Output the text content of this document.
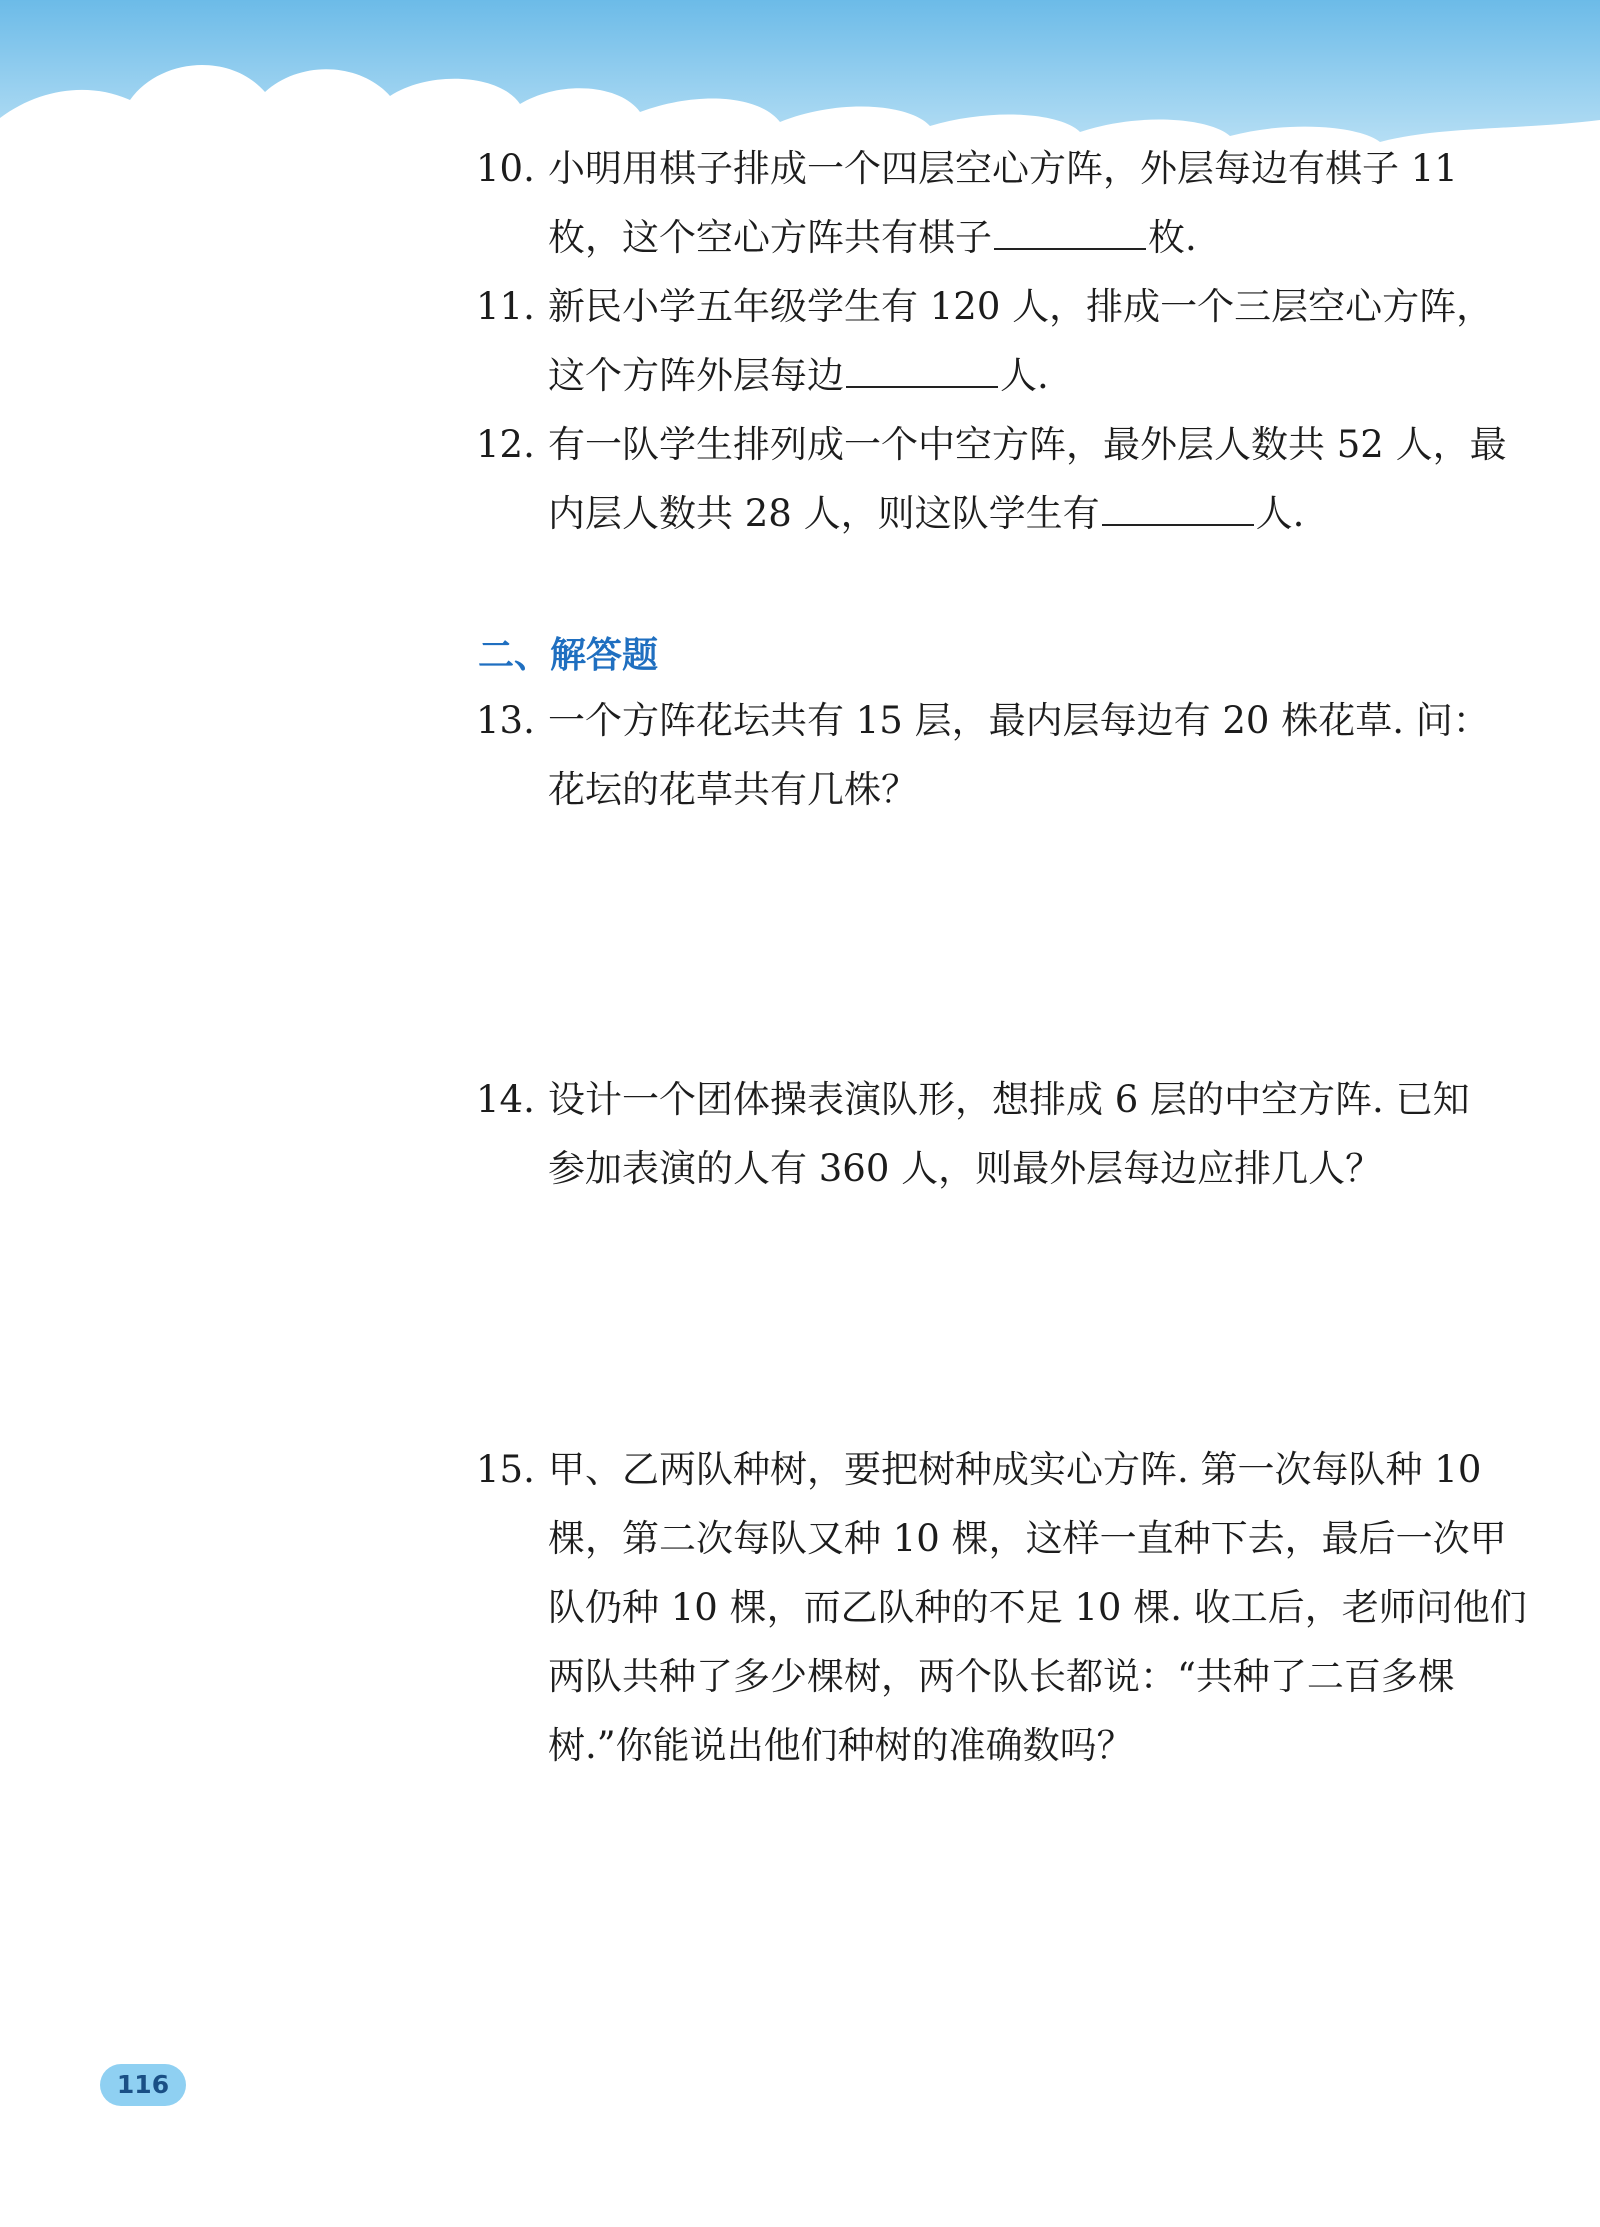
10. 小明用棋子排成一个四层空心方阵，外层每边有棋子 11
枚，这个空心方阵共有棋子	枚.
11. 新民小学五年级学生有 120 人，排成一个三层空心方阵，
这个方阵外层每边	人.
12. 有一队学生排列成一个中空方阵，最外层人数共 52 人，最
内层人数共 28 人，则这队学生有	人.
二、解答题
13. 一个方阵花坛共有 15 层，最内层每边有 20 株花草. 问：
花坛的花草共有几株？
14. 设计一个团体操表演队形，想排成 6 层的中空方阵. 已知
参加表演的人有 360 人，则最外层每边应排几人？
15. 甲、乙两队种树，要把树种成实心方阵. 第一次每队种 10
棵，第二次每队又种 10 棵，这样一直种下去，最后一次甲
队仍种 10 棵，而乙队种的不足 10 棵. 收工后，老师问他们
两队共种了多少棵树，两个队长都说：“共种了二百多棵
树.”你能说出他们种树的准确数吗？
116
